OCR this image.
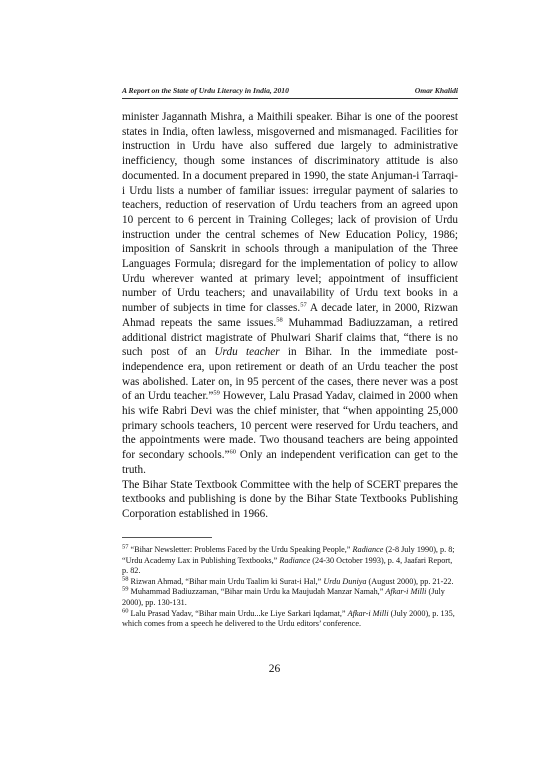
A Report on the State of Urdu Literacy in India, 2010	Omar Khalidi

minister Jagannath Mishra, a Maithili speaker. Bihar is one of the poorest states in India, often lawless, misgoverned and mismanaged. Facilities for instruction in Urdu have also suffered due largely to administrative inefficiency, though some instances of discriminatory attitude is also documented. In a document prepared in 1990, the state Anjuman-i Tarraqi-i Urdu lists a number of familiar issues: irregular payment of salaries to teachers, reduction of reservation of Urdu teachers from an agreed upon 10 percent to 6 percent in Training Colleges; lack of provision of Urdu instruction under the central schemes of New Education Policy, 1986; imposition of Sanskrit in schools through a manipulation of the Three Languages Formula; disregard for the implementation of policy to allow Urdu wherever wanted at primary level; appointment of insufficient number of Urdu teachers; and unavailability of Urdu text books in a number of subjects in time for classes.$^{57}$ A decade later, in 2000, Rizwan Ahmad repeats the same issues.$^{58}$ Muhammad Badiuzzaman, a retired additional district magistrate of Phulwari Sharif claims that, “there is no such post of an Urdu teacher in Bihar. In the immediate post-independence era, upon retirement or death of an Urdu teacher the post was abolished. Later on, in 95 percent of the cases, there never was a post of an Urdu teacher.”$^{59}$ However, Lalu Prasad Yadav, claimed in 2000 when his wife Rabri Devi was the chief minister, that “when appointing 25,000 primary schools teachers, 10 percent were reserved for Urdu teachers, and the appointments were made. Two thousand teachers are being appointed for secondary schools.”$^{60}$ Only an independent verification can get to the truth.

The Bihar State Textbook Committee with the help of SCERT prepares the textbooks and publishing is done by the Bihar State Textbooks Publishing Corporation established in 1966.

$^{57}$ “Bihar Newsletter: Problems Faced by the Urdu Speaking People,” Radiance (2-8 July 1990), p. 8; “Urdu Academy Lax in Publishing Textbooks,” Radiance (24-30 October 1993), p. 4, Jaafari Report, p. 82.

$^{58}$ Rizwan Ahmad, “Bihar main Urdu Taalim ki Surat-i Hal,” Urdu Duniya (August 2000), pp. 21-22.

$^{59}$ Muhammad Badiuzzaman, “Bihar main Urdu ka Maujudah Manzar Namah,” Afkar-i Milli (July 2000), pp. 130-131.

$^{60}$ Lalu Prasad Yadav, “Bihar main Urdu...ke Liye Sarkari Iqdamat,” Afkar-i Milli (July 2000), p. 135, which comes from a speech he delivered to the Urdu editors’ conference.

26
